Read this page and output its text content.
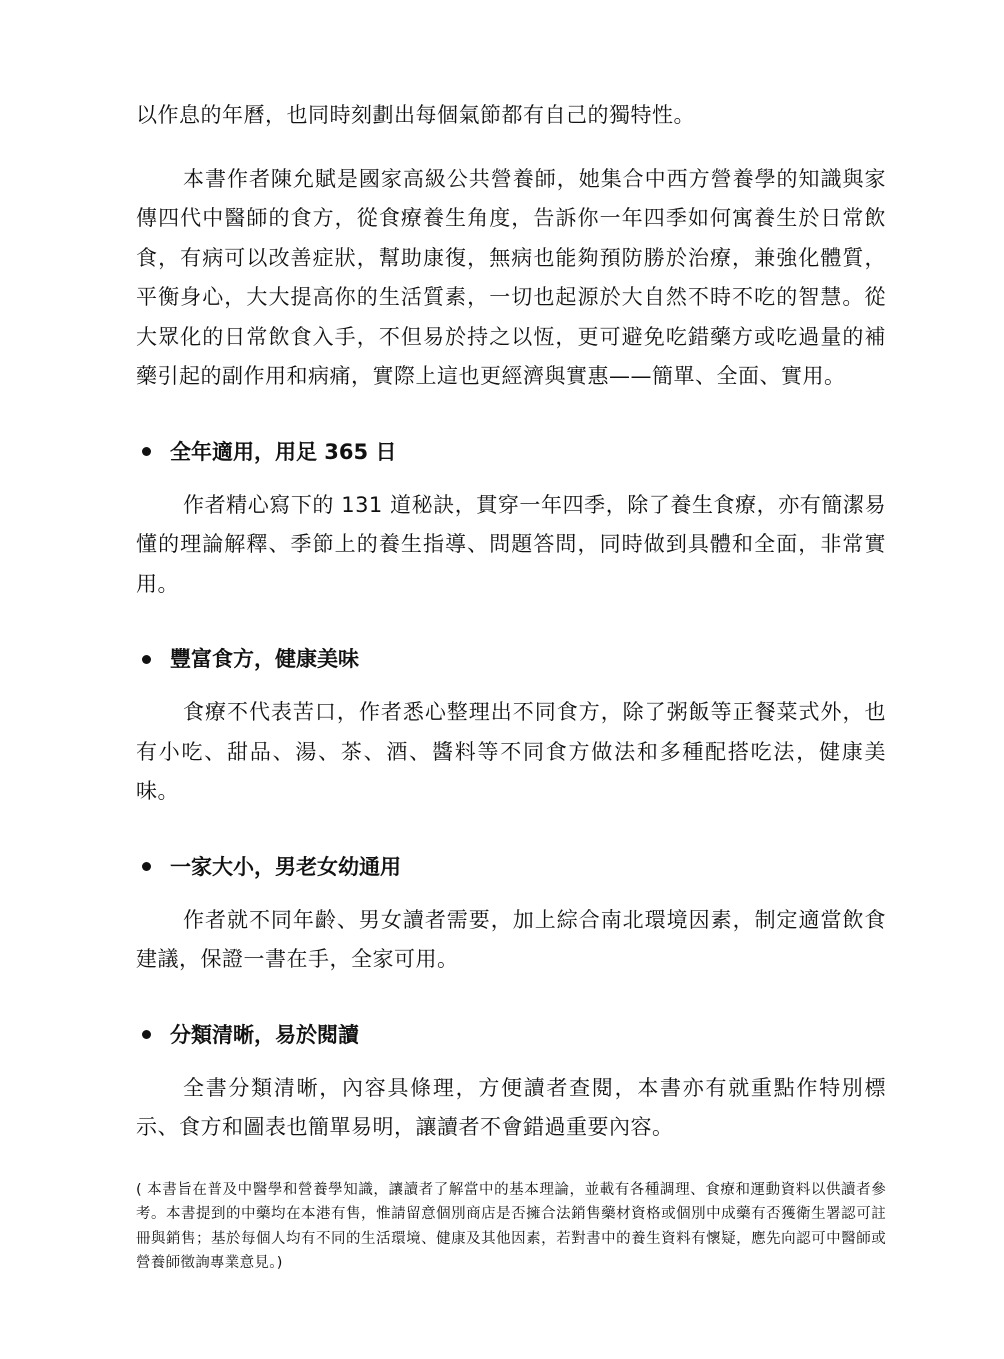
以作息的年曆，也同時刻劃出每個氣節都有自己的獨特性。

本書作者陳允賦是國家高級公共營養師，她集合中西方營養學的知識與家傳四代中醫師的食方，從食療養生角度，告訴你一年四季如何寓養生於日常飲食，有病可以改善症狀，幫助康復，無病也能夠預防勝於治療，兼強化體質，平衡身心，大大提高你的生活質素，一切也起源於大自然不時不吃的智慧。從大眾化的日常飲食入手，不但易於持之以恆，更可避免吃錯藥方或吃過量的補藥引起的副作用和病痛，實際上這也更經濟與實惠——簡單、全面、實用。

全年適用，用足 365 日

作者精心寫下的 131 道秘訣，貫穿一年四季，除了養生食療，亦有簡潔易懂的理論解釋、季節上的養生指導、問題答問，同時做到具體和全面，非常實用。

豐富食方，健康美味

食療不代表苦口，作者悉心整理出不同食方，除了粥飯等正餐菜式外，也有小吃、甜品、湯、茶、酒、醬料等不同食方做法和多種配搭吃法，健康美味。

一家大小，男老女幼通用

作者就不同年齡、男女讀者需要，加上綜合南北環境因素，制定適當飲食建議，保證一書在手，全家可用。

分類清晰，易於閱讀

全書分類清晰，內容具條理，方便讀者查閱，本書亦有就重點作特別標示、食方和圖表也簡單易明，讓讀者不會錯過重要內容。

( 本書旨在普及中醫學和營養學知識，讓讀者了解當中的基本理論，並載有各種調理、食療和運動資料以供讀者參考。本書提到的中藥均在本港有售，惟請留意個別商店是否擁合法銷售藥材資格或個別中成藥有否獲衛生署認可註冊與銷售；基於每個人均有不同的生活環境、健康及其他因素，若對書中的養生資料有懷疑，應先向認可中醫師或營養師徵詢專業意見。)
